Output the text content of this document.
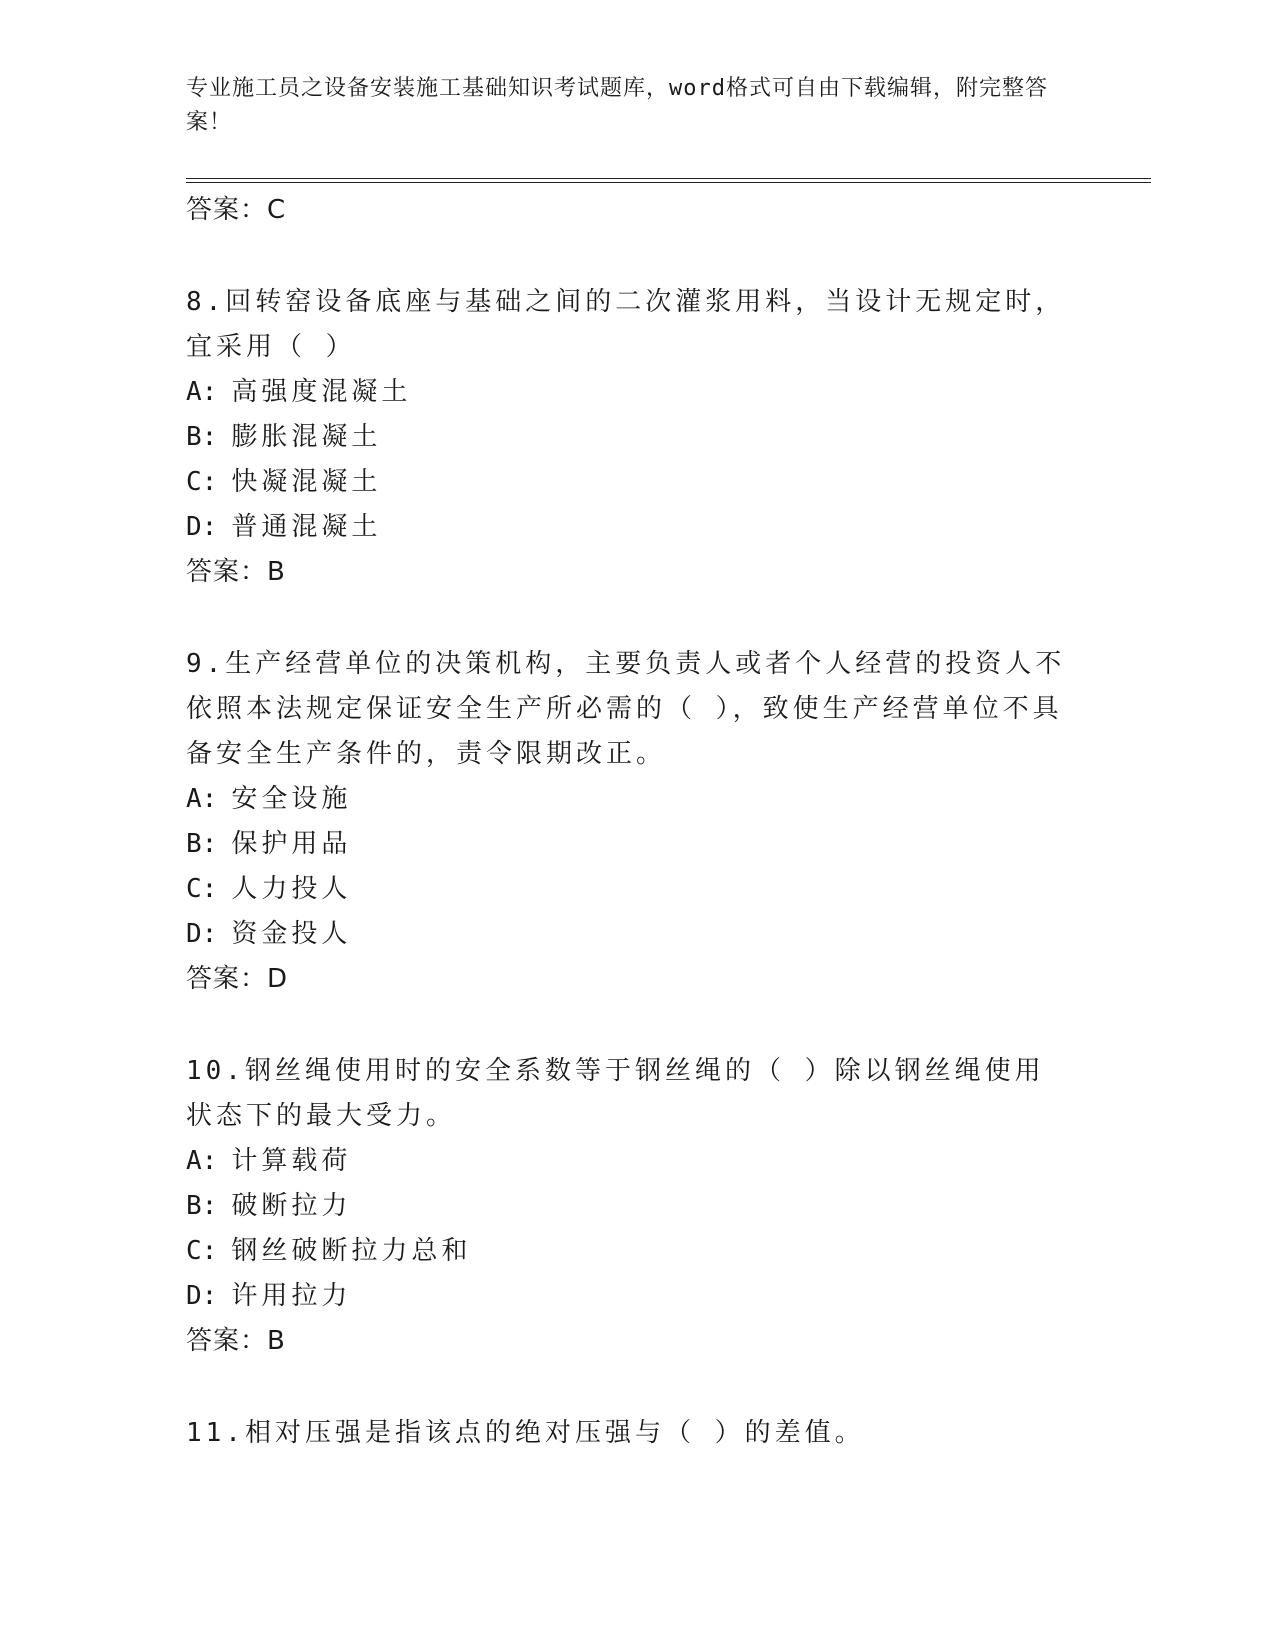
专业施工员之设备安装施工基础知识考试题库，word格式可自由下载编辑，附完整答案！
答案：C
8.回转窑设备底座与基础之间的二次灌浆用料，当设计无规定时，宜采用（ ）
A: 高强度混凝土
B: 膨胀混凝土
C: 快凝混凝土
D: 普通混凝土
答案：B
9.生产经营单位的决策机构，主要负责人或者个人经营的投资人不依照本法规定保证安全生产所必需的（ ），致使生产经营单位不具备安全生产条件的，责令限期改正。
A: 安全设施
B: 保护用品
C: 人力投人
D: 资金投人
答案：D
10.钢丝绳使用时的安全系数等于钢丝绳的（ ）除以钢丝绳使用状态下的最大受力。
A: 计算载荷
B: 破断拉力
C: 钢丝破断拉力总和
D: 许用拉力
答案：B
11.相对压强是指该点的绝对压强与（ ）的差值。
